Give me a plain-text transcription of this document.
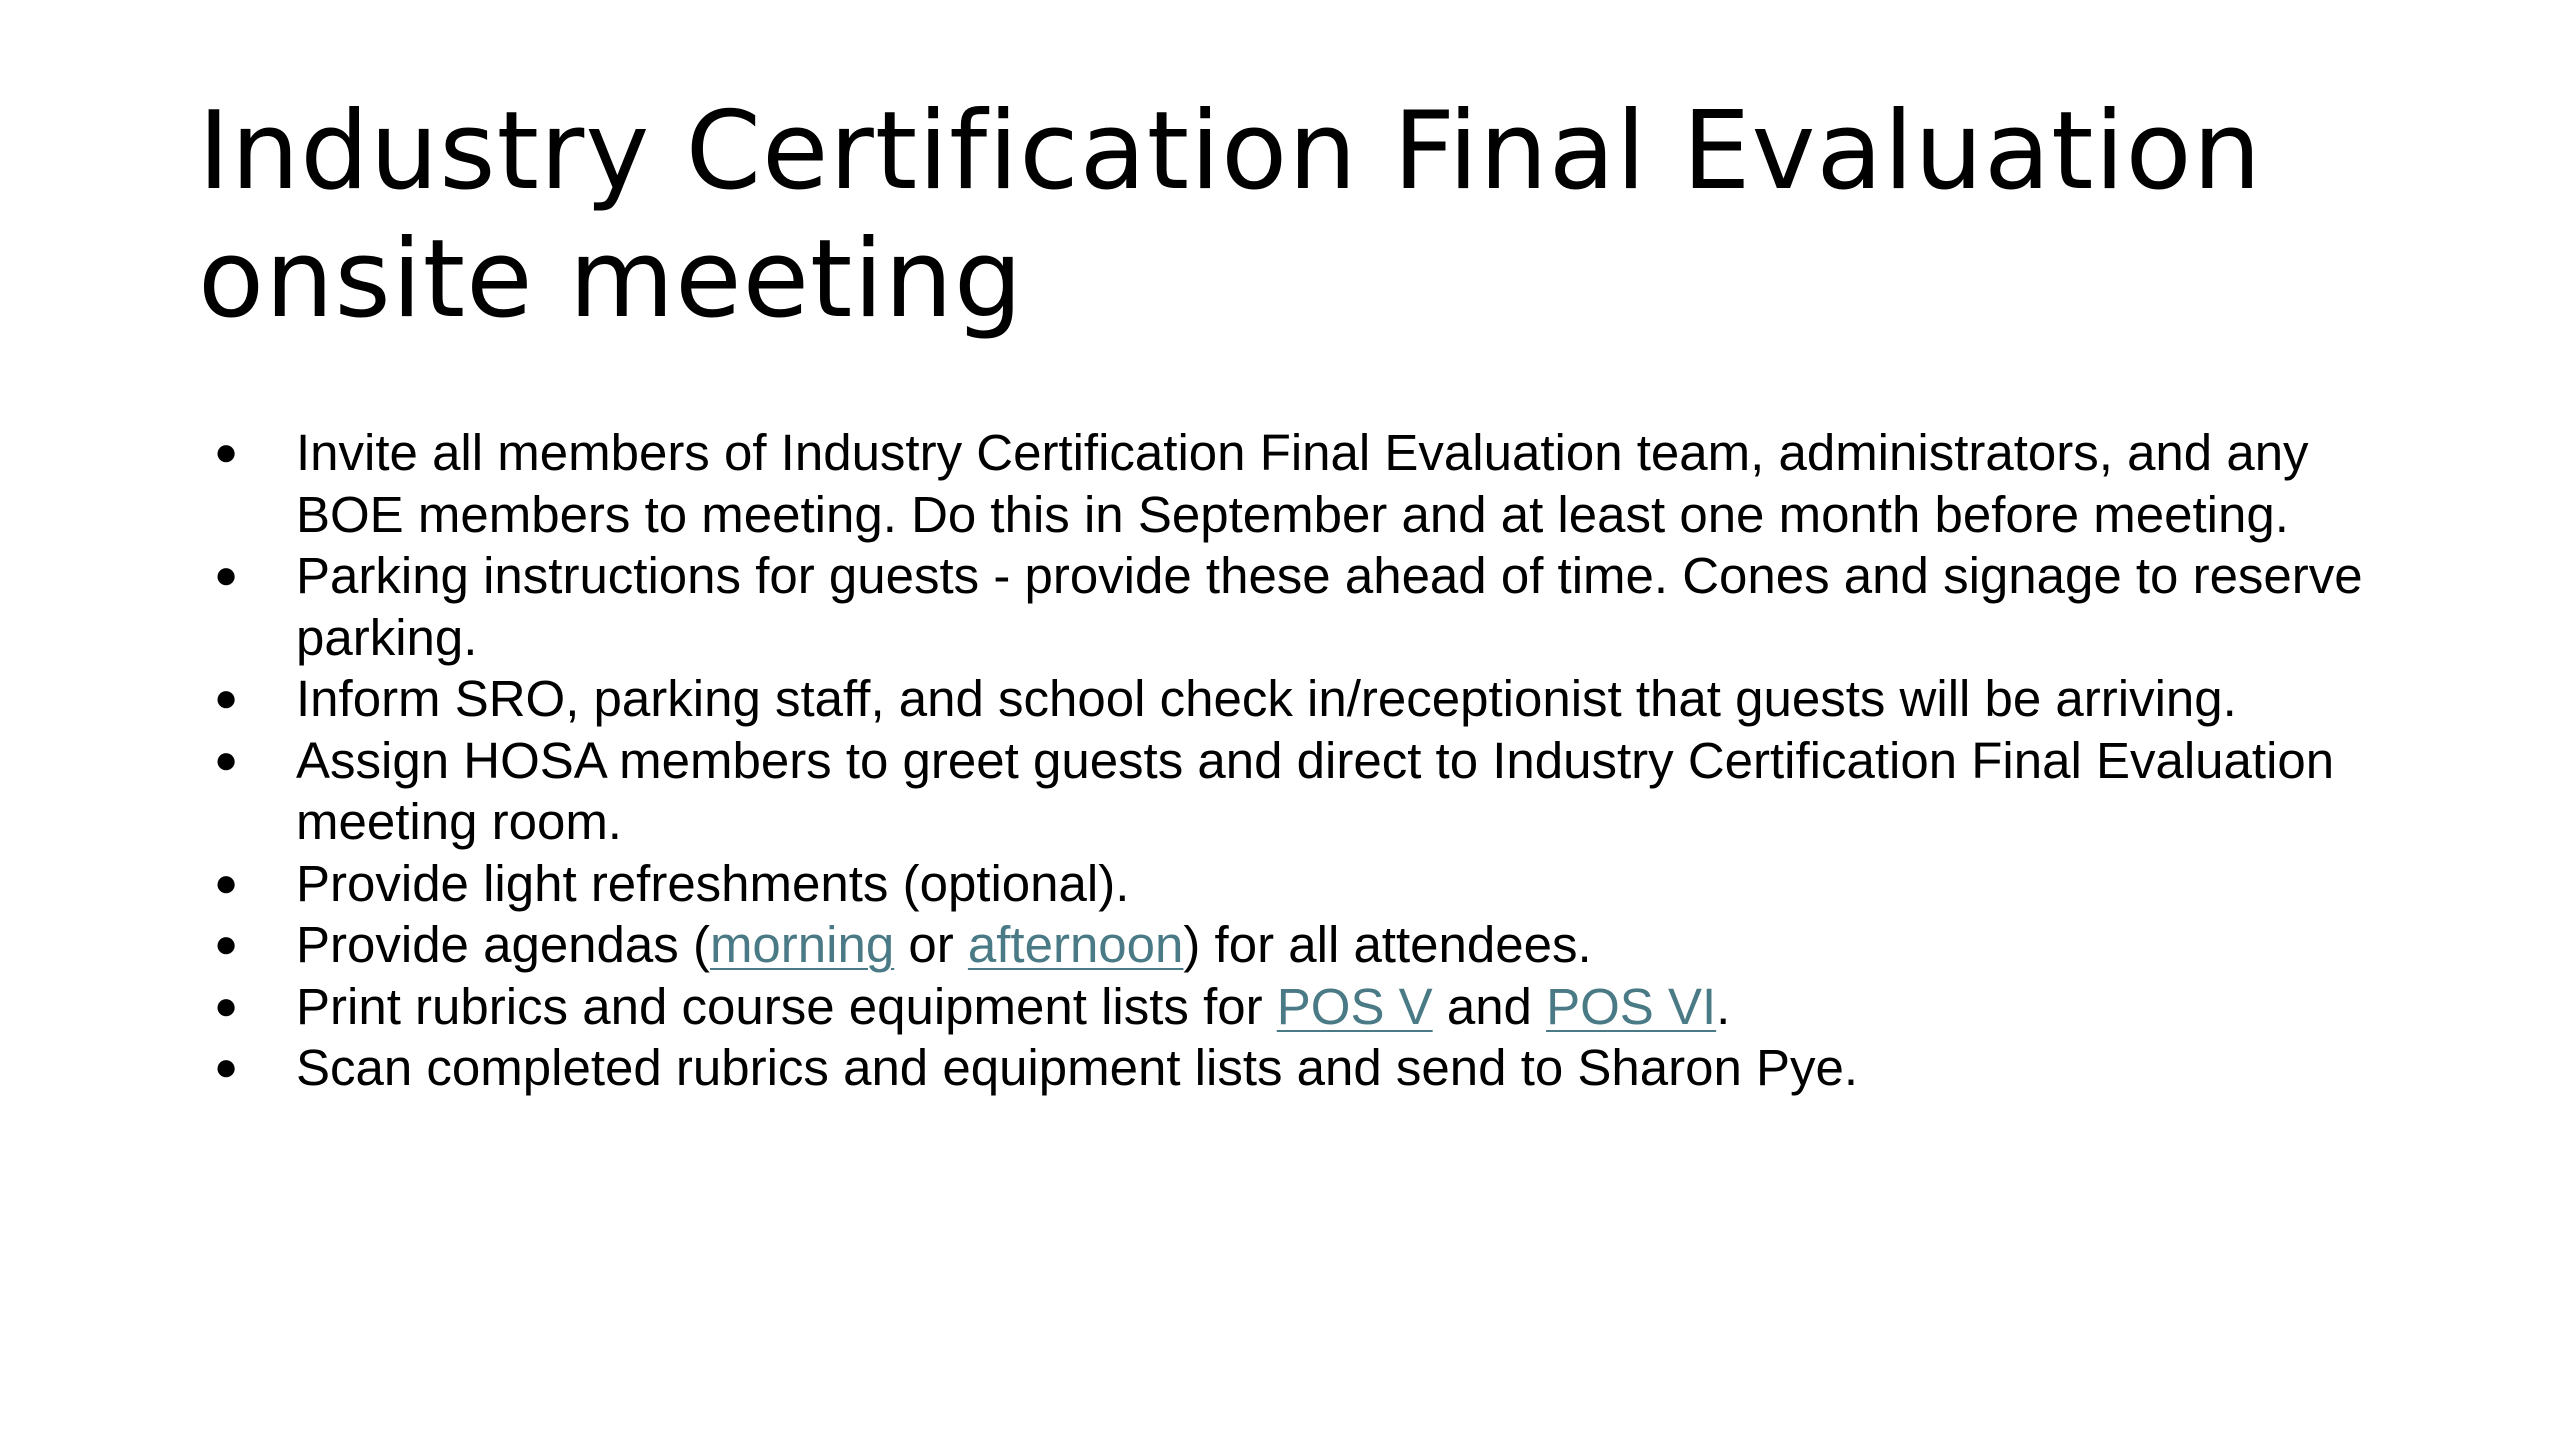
Industry Certification Final Evaluation
onsite meeting
●	Invite all members of Industry Certification Final Evaluation team, administrators, and any BOE members to meeting. Do this in September and at least one month before meeting.
●	Parking instructions for guests - provide these ahead of time. Cones and signage to reserve parking.
●	Inform SRO, parking staff, and school check in/receptionist that guests will be arriving.
●	Assign HOSA members to greet guests and direct to Industry Certification Final Evaluation meeting room.
●	Provide light refreshments (optional).
●	Provide agendas (morning or afternoon) for all attendees.
●	Print rubrics and course equipment lists for POS V and POS VI.
●	Scan completed rubrics and equipment lists and send to Sharon Pye.
